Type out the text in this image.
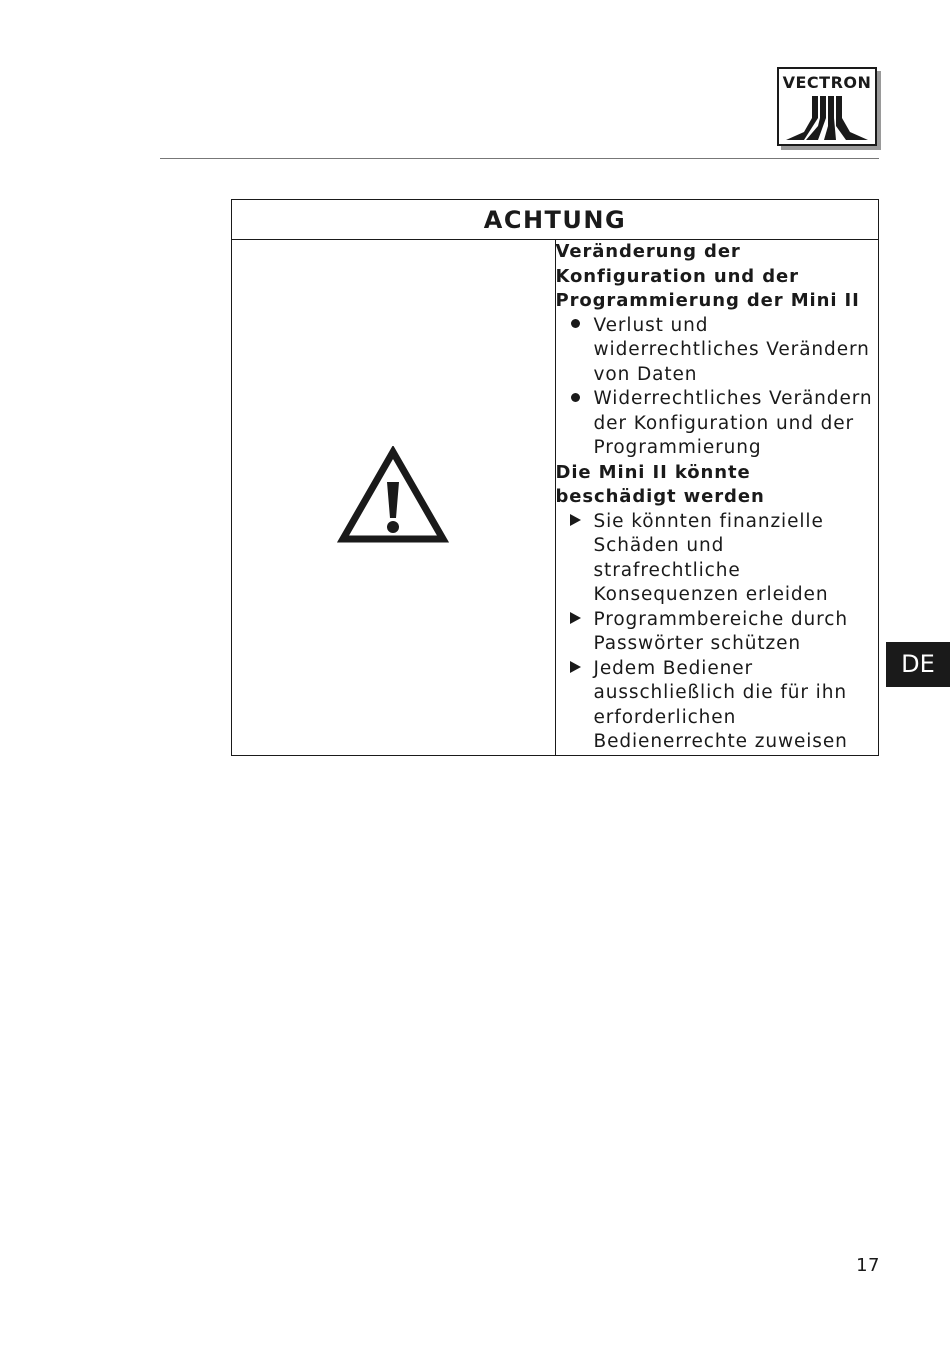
VECTRON
ACHTUNG

Veränderung der Konfiguration und der Programmierung der Mini II
Verlust und widerrechtliches Verändern von Daten
Widerrechtliches Verändern der Konfiguration und der Programmierung
Die Mini II könnte beschädigt werden
Sie könnten finanzielle Schäden und strafrechtliche Konsequenzen erleiden
Programmbereiche durch Passwörter schützen
Jedem Bediener ausschließlich die für ihn erforderlichen Bedienerrechte zuweisen
DE
17
